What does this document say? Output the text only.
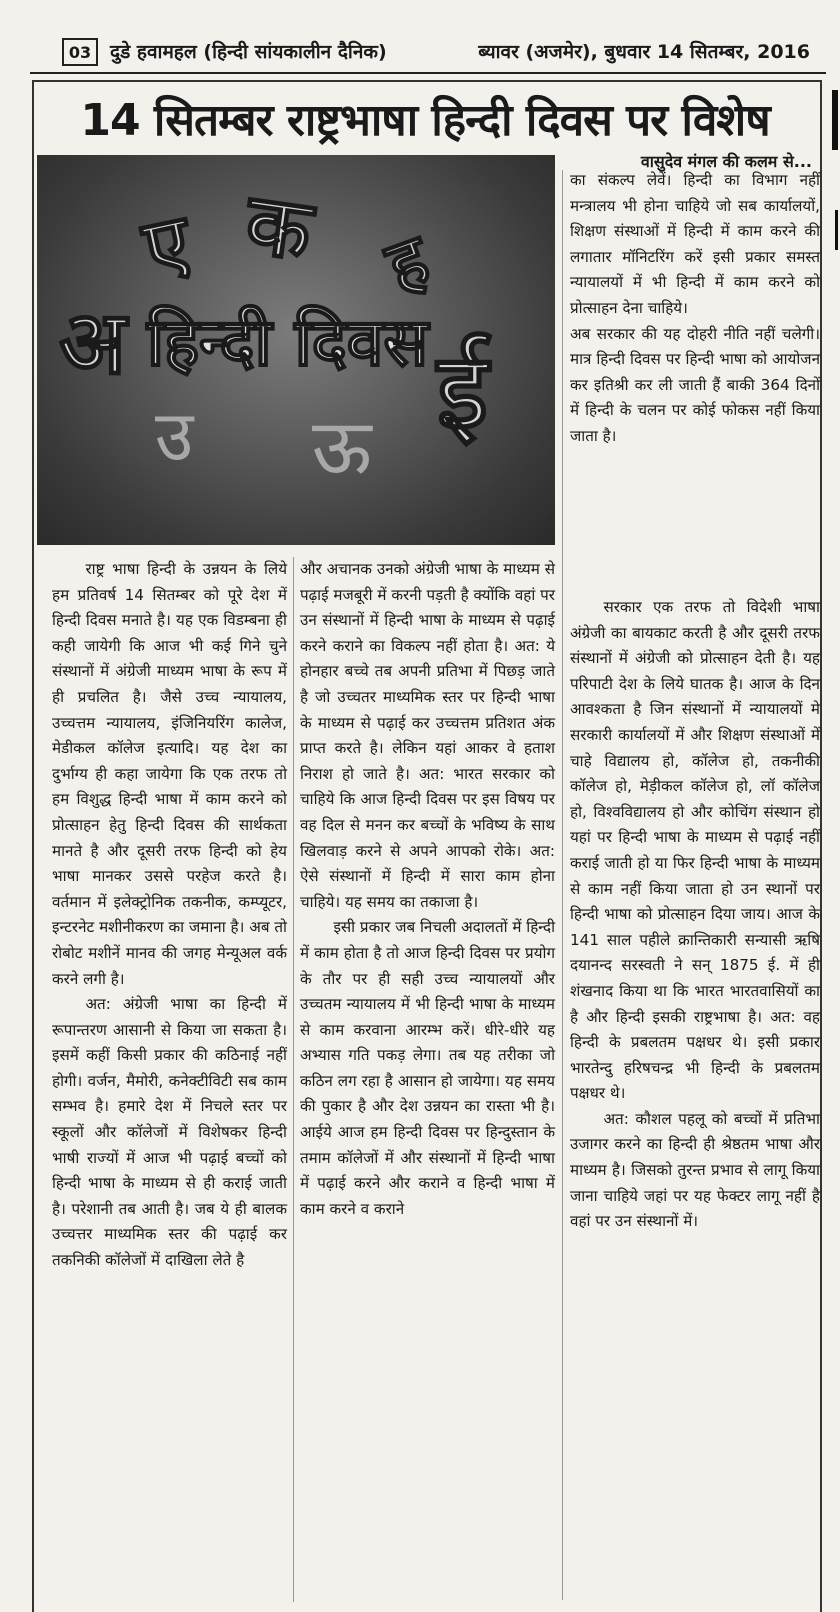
03 दुडे हवामहल (हिन्दी सांयकालीन दैनिक)	ब्यावर (अजमेर), बुधवार 14 सितम्बर, 2016
14 सितम्बर राष्ट्रभाषा हिन्दी दिवस पर विशेष
वासुदेव मंगल की कलम से...
ए क ह
अ हिन्दी दिवस ई
उ ऊ

का संकल्प लेवें। हिन्दी का विभाग नहीं मन्त्रालय भी होना चाहिये जो सब कार्यालयों, शिक्षण संस्थाओं में हिन्दी में काम करने की लगातार मॉनिटरिंग करें इसी प्रकार समस्त न्यायालयों में भी हिन्दी में काम करने को प्रोत्साहन देना चाहिये।

अब सरकार की यह दोहरी नीति नहीं चलेगी। मात्र हिन्दी दिवस पर हिन्दी भाषा को आयोजन कर इतिश्री कर ली जाती हैं बाकी 364 दिनों में हिन्दी के चलन पर कोई फोकस नहीं किया जाता है।

राष्ट्र भाषा हिन्दी के उन्नयन के लिये हम प्रतिवर्ष 14 सितम्बर को पूरे देश में हिन्दी दिवस मनाते है। यह एक विडम्बना ही कही जायेगी कि आज भी कई गिने चुने संस्थानों में अंग्रेजी माध्यम भाषा के रूप में ही प्रचलित है। जैसे उच्च न्यायालय, उच्चत्तम न्यायालय, इंजिनियरिंग कालेज, मेडीकल कॉलेज इत्यादि। यह देश का दुर्भाग्य ही कहा जायेगा कि एक तरफ तो हम विशुद्ध हिन्दी भाषा में काम करने को प्रोत्साहन हेतु हिन्दी दिवस की सार्थकता मानते है और दूसरी तरफ हिन्दी को हेय भाषा मानकर उससे परहेज करते है। वर्तमान में इलेक्ट्रोनिक तकनीक, कम्प्यूटर, इन्टरनेट मशीनीकरण का जमाना है। अब तो रोबोट मशीनें मानव की जगह मेन्यूअल वर्क करने लगी है।

अत: अंग्रेजी भाषा का हिन्दी में रूपान्तरण आसानी से किया जा सकता है। इसमें कहीं किसी प्रकार की कठिनाई नहीं होगी। वर्जन, मैमोरी, कनेक्टीविटी सब काम सम्भव है। हमारे देश में निचले स्तर पर स्कूलों और कॉलेजों में विशेषकर हिन्दी भाषी राज्यों में आज भी पढ़ाई बच्चों को हिन्दी भाषा के माध्यम से ही कराई जाती है। परेशानी तब आती है। जब ये ही बालक उच्चत्तर माध्यमिक स्तर की पढ़ाई कर तकनिकी कॉलेजों में दाखिला लेते है

और अचानक उनको अंग्रेजी भाषा के माध्यम से पढ़ाई मजबूरी में करनी पड़ती है क्योंकि वहां पर उन संस्थानों में हिन्दी भाषा के माध्यम से पढ़ाई करने कराने का विकल्प नहीं होता है। अत: ये होनहार बच्चे तब अपनी प्रतिभा में पिछड़ जाते है जो उच्चतर माध्यमिक स्तर पर हिन्दी भाषा के माध्यम से पढ़ाई कर उच्चत्तम प्रतिशत अंक प्राप्त करते है। लेकिन यहां आकर वे हताश निराश हो जाते है। अत: भारत सरकार को चाहिये कि आज हिन्दी दिवस पर इस विषय पर वह दिल से मनन कर बच्चों के भविष्य के साथ खिलवाड़ करने से अपने आपको रोके। अत: ऐसे संस्थानों में हिन्दी में सारा काम होना चाहिये। यह समय का तकाजा है।

इसी प्रकार जब निचली अदालतों में हिन्दी में काम होता है तो आज हिन्दी दिवस पर प्रयोग के तौर पर ही सही उच्च न्यायालयों और उच्चतम न्यायालय में भी हिन्दी भाषा के माध्यम से काम करवाना आरम्भ करें। धीरे-धीरे यह अभ्यास गति पकड़ लेगा। तब यह तरीका जो कठिन लग रहा है आसान हो जायेगा। यह समय की पुकार है और देश उन्नयन का रास्ता भी है। आईये आज हम हिन्दी दिवस पर हिन्दुस्तान के तमाम कॉलेजों में और संस्थानों में हिन्दी भाषा में पढ़ाई करने और कराने व हिन्दी भाषा में काम करने व कराने

सरकार एक तरफ तो विदेशी भाषा अंग्रेजी का बायकाट करती है और दूसरी तरफ संस्थानों में अंग्रेजी को प्रोत्साहन देती है। यह परिपाटी देश के लिये घातक है। आज के दिन आवश्कता है जिन संस्थानों में न्यायालयों मे सरकारी कार्यालयों में और शिक्षण संस्थाओं में चाहे विद्यालय हो, कॉलेज हो, तकनीकी कॉलेज हो, मेड़ीकल कॉलेज हो, लॉ कॉलेज हो, विश्वविद्यालय हो और कोचिंग संस्थान हो यहां पर हिन्दी भाषा के माध्यम से पढ़ाई नहीं कराई जाती हो या फिर हिन्दी भाषा के माध्यम से काम नहीं किया जाता हो उन स्थानों पर हिन्दी भाषा को प्रोत्साहन दिया जाय। आज के 141 साल पहीले क्रान्तिकारी सन्यासी ऋषि दयानन्द सरस्वती ने सन् 1875 ई. में ही शंखनाद किया था कि भारत भारतवासियों का है और हिन्दी इसकी राष्ट्रभाषा है। अत: वह हिन्दी के प्रबलतम पक्षधर थे। इसी प्रकार भारतेन्दु हरिषचन्द्र भी हिन्दी के प्रबलतम पक्षधर थे।

अत: कौशल पहलू को बच्चों में प्रतिभा उजागर करने का हिन्दी ही श्रेष्ठतम भाषा और माध्यम है। जिसको तुरन्त प्रभाव से लागू किया जाना चाहिये जहां पर यह फेक्टर लागू नहीं है वहां पर उन संस्थानों में।
